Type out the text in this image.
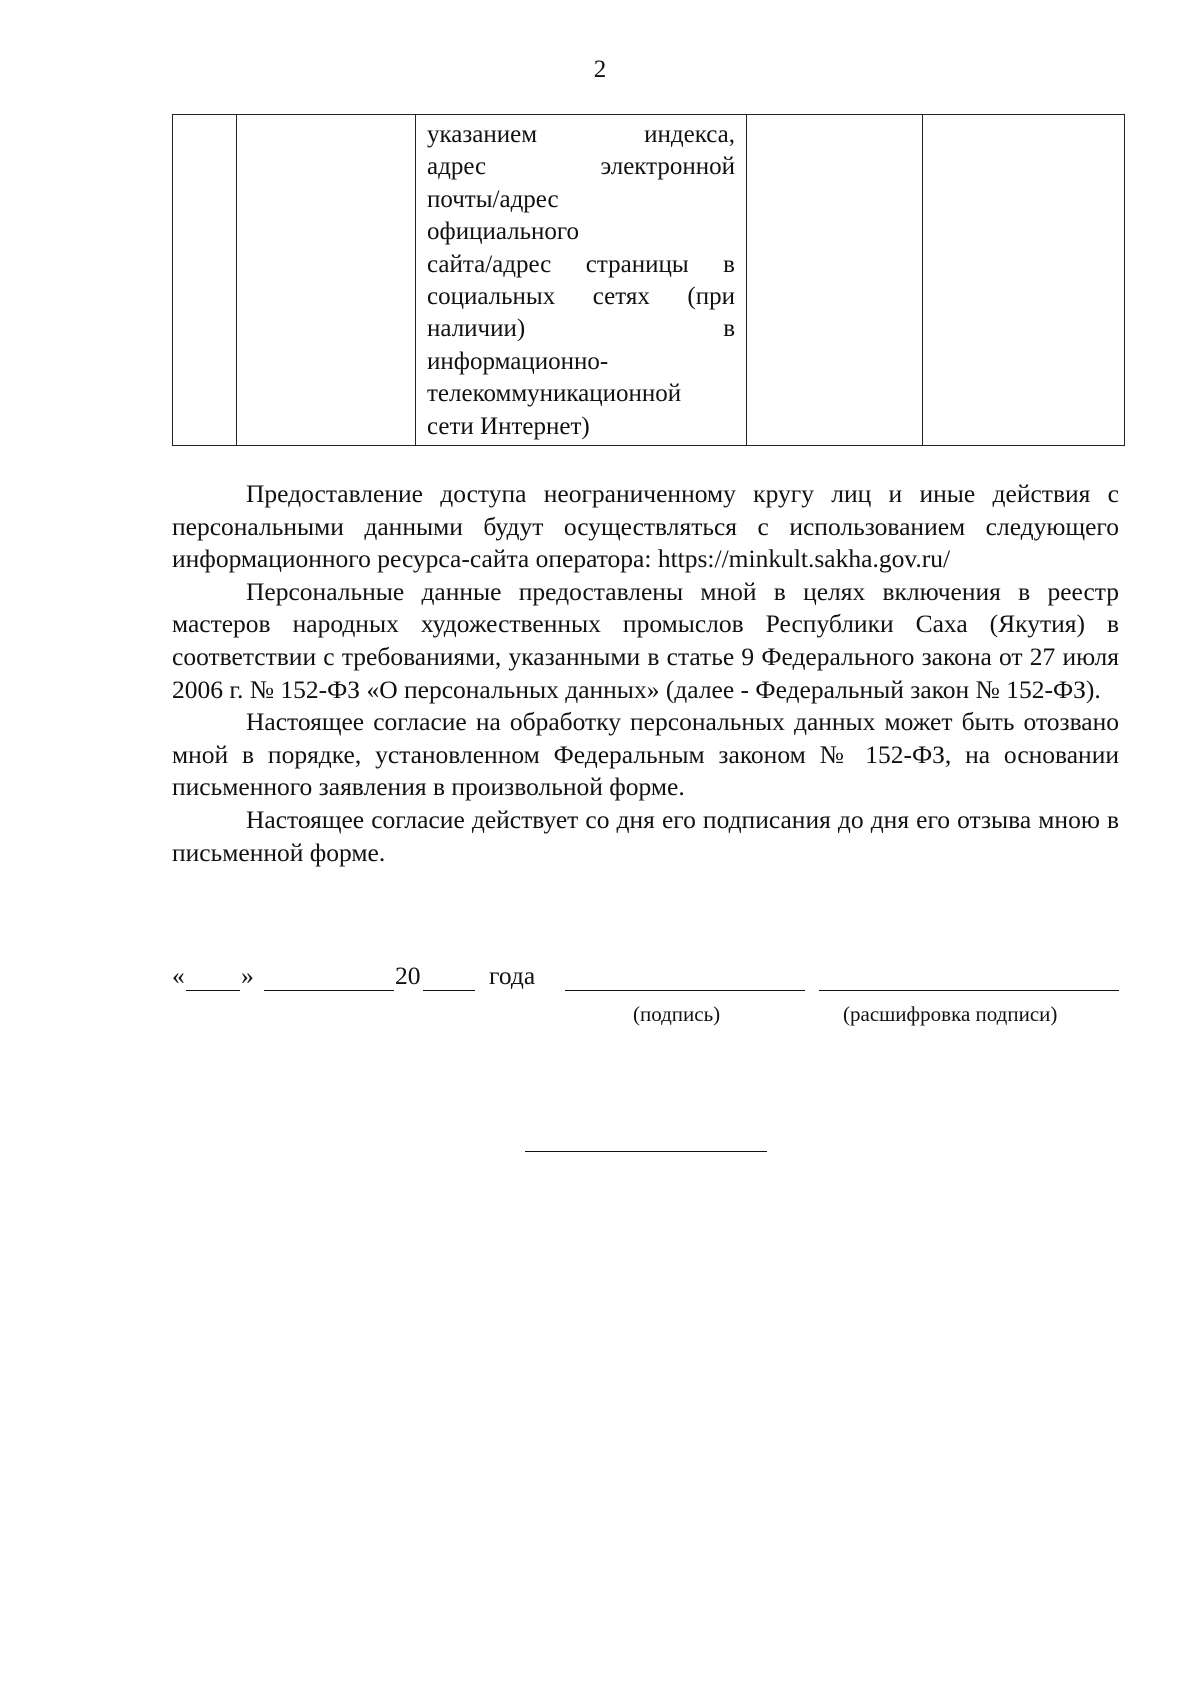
2

указанием индекса,
адрес электронной
почты/адрес
официального
сайта/адрес страницы в
социальных сетях (при
наличии) в
информационно-
телекоммуникационной
сети Интернет)

Предоставление доступа неограниченному кругу лиц и иные действия с персональными данными будут осуществляться с использованием следующего информационного ресурса-сайта оператора: https://minkult.sakha.gov.ru/

Персональные данные предоставлены мной в целях включения в реестр мастеров народных художественных промыслов Республики Саха (Якутия) в соответствии с требованиями, указанными в статье 9 Федерального закона от 27 июля 2006 г. № 152-ФЗ «О персональных данных» (далее - Федеральный закон № 152-ФЗ).

Настоящее согласие на обработку персональных данных может быть отозвано мной в порядке, установленном Федеральным законом № 152-ФЗ, на основании письменного заявления в произвольной форме.

Настоящее согласие действует со дня его подписания до дня его отзыва мною в письменной форме.

« »	20	года
(подпись)	(расшифровка подписи)
